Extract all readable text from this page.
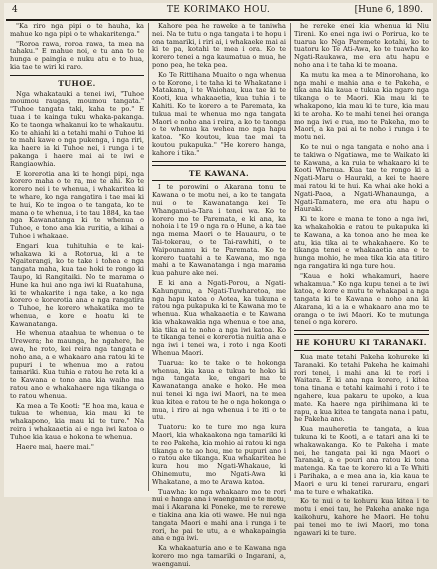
4	TE KORIMAKO HOU.	[Hune 6, 1890.

"Ka riro nga pipi o te hauha, ka mahue ko nga pipi o te whakaritenga."

"Roroa rawa, roroa rawa, ta mea na tahaku." E mahue noi, e tu ana to te hunga e paingia e nuku atu e to hua, kia tae te wiri ki raro.

TUHOE.

Nga whakatauki a tenei iwi, "Tuhoe moumou raugas, moumou tangata." "Tuhoe tangata taki, kaha te po." E tuaa i te kainga tuku whaka-pakanga. Ko te taonga whakanui ko te whakautu. Ko te ahiahi ki a tetahi mahi o Tuhoe ki te mahi kawe o nga pukenga, i nga riri, ka haere ia ki Tuhoe nei, i runga i te pakanga i haere mai ai te iwi e Rangiaowhia.

E korerotia ana ki te hongi pipi, nga korero maha o te ra, me te ahi. Ko te korero nei i te whenua, i whakaritea ki te whare, ko nga rangatira i tae mai ki te hui, Ko te ingoa o te tangata, ko te mana o te whenua, i te tau 1884, ka tae nga Kawanatanga ki te whenua o Tuhoe, e tono ana kia ruritia, a kihai a Tuhoe i whakaae.

Engari kua tuhituhia e te kai-whakawa ki a Rotorua, ki a te Ngaiterangi, ko te take i tohea e nga tangata maha, kua tae hoki te rongo ki Taupo, ki Rangitaiki. No te marama o Hune ka hui ano nga iwi ki Ruatahuna, ki te whakarite i nga take, a ko nga korero e korerotia ana e nga rangatira o Tuhoe, he korero whakatika mo te whenua, e kore e hoatu ki te Kawanatanga.

He whenua ataahua te whenua o te Urewera; he maunga, he ngahere, he awa, he roto, kei reira nga tangata e noho ana, a e whakaaro ana ratou ki te pupuri i te whenua mo a ratou tamariki. Kua tuhia e ratou he reta ki a te Kawana e tono ana kia waiho ma ratou ano e whakahaere nga tikanga o to ratou whenua.

Ka mea a Te Kooti: "E hoa ma, kaua e tukua te whenua, kia mau ki te whakapono, kia mau ki te ture." Na reira i whakaaetia ai e nga iwi katoa o Tuhoe kia kaua e hokona te whenua.

Haere mai, haere mai."

Kahore pea he raweke a te taniwha nei. Na te tutu o nga tangata i te hopu i ona tamariki, i riri ai, i whakaeke mai ai ki te pa, kotahi te mea i ora. Ko te korero tenei a nga kaumatua o mua, he pono pea, he teka pea.

Ko Te Rittihana Muaito o nga whenua o te Korone, i te taha ki te Whakatane i Matakana, i te Waiohau, kua tae ki te Kooti, kua whakaaetia, kua tuhia i te Kahiti. Ko te korero a te Paremata, ka tukua mai te whenua mo nga tangata Maori e noho ana i reira, a ko te taonga o te whenua ka wehea mo nga hapu katoa. "Ko koutou, kua tae mai ta koutou pukapuka." "He korero hanga, kahore i tika."

TE KAWANA.

I te porowini o Akarana tonu te Kawana o te motu nei, a ko te tangata nui o te Kawanatanga kei Te Whanganui-a-Tara i tenei wa. Ko te korero mo te Paremata, e ki ana, ka nohoia i te 19 o nga ra o Hune, a ka tae nga mema Maori o te Hauauru, o te Tai-tokerau, o te Tai-rawhiti, o te Waipounamu ki te Paremata. Ko te korero tuatahi a te Kawana, mo nga mahi a te Kawanatanga i nga marama kua pahure ake nei.

E ki ana a Ngati-Porou, a Ngati-Kahungunu, a Ngati-Tuwharetoa, me nga hapu katoa o Aotea, ka tukuna e ratou nga pukapuka ki te Kawana mo te whenua. Kua whakaaetia e te Kawana kia whakawakia nga whenua e toe ana, kia tika ai te noho a nga iwi katoa. Ko te tikanga tenei e korerotia nuitia ana e nga iwi i tenei wa, i roto i nga Kooti Whenua Maori.

Tuarua: ko te take o te hokonga whenua, kia kaua e tukua te hoko ki nga tangata ke, engari ma te Kawanatanga anake e hoko. He mea nui tenei ki nga iwi Maori, na te mea kua kitea e ratou te he o nga hokonga o mua, i riro ai nga whenua i te iti o te utu.

Tuatoru: ko te ture mo nga kura Maori, kia whakaakona nga tamariki ki te reo Pakeha, kia mohio ai ratou ki nga tikanga o te ao hou, me te pupuri ano i o ratou ake tikanga. Kua whakaritea he kura hou mo Ngati-Whakaue, ki Ohinemutu, mo Ngati-Awa ki Whakatane, a mo te Arawa katoa.

Tuawha: ko nga whakaaro mo te rori nui e hanga ana i waenganui o te motu, mai i Akarana ki Poneke, me te rerewe e tiakina ana kia oti wawe. He nui nga tangata Maori e mahi ana i runga i te rori, he pai te utu, a e whakapaingia ana e nga iwi.

Ka whakaaturia ano e te Kawana nga korero mo nga tamariki o Ingarani, a, waenganui.

he rereke enei kia whenua ki Niu Tireni. Ko enei nga iwi o Porirua, ko te tuarua ko Nga Paremete kotahi, ko te tuatoru ko Te Ati-Awa, ko te tuawha ko Ngati-Raukawa, me era atu hapu e noho ana i te taha ki te moana.

Ka mutu ka mea a te Minorohana, ko nga mahi e mahia ana e te Pakeha, e tika ana kia kaua e tukua kia ngaro nga tikanga o te Maori. Kia mau ki te whakapono, kia mau ki te ture, kia mau ki te aroha. Ko te mahi tenei hei oranga mo nga iwi e rua, mo te Pakeha, mo te Maori, a ka pai ai te noho i runga i te motu nei.

Ko te nui o nga tangata e noho ana i te takiwa o Ngatiawa, me te Waikato ki te Kawana, a ka ruia te whakaaro ki te Kooti Whenua. Kua tae te rongo ki a Ngati-Maru o Hauraki, a kei te haere mai ratou ki te hui. Ka whai ake hoki a Ngati-Paoa, a Ngati-Whanaunga, a Ngati-Tamatera, me era atu hapu o Hauraki.

Ki te kore e mana te tono a nga iwi, ka whakahokia e ratou te pukapuka ki te Kawana, a ka tonoa ano he mea ke atu, kia tika ai te whakahaere. Ko te tikanga tenei e whakaaetia ana e te hunga mohio, he mea tika kia ata titiro nga rangatira ki nga ture hou.

"Kaua e hoki whakamuri, haere whakamua." Ko nga kupu tenei a te iwi katoa, e kore e mutu te whakapai a nga tangata ki te Kawana e noho ana ki Akarana, ki a ia e whakaaro ana mo te oranga o te iwi Maori. Ko te mutunga tenei o nga korero.

HE KOHURU KI TARANAKI.

Kua mate tetahi Pakeha kohureke ki Taranaki. Ko tetahi Pakeha he kaimahi rori tenei, i mahi ana ki te rori i Waitara. E ki ana nga korero, i kitea tona tinana e tetahi kaimahi i roto i te ngahere, kua pakaru te upoko, a kua mate. Ka haere nga pirihimana ki te rapu, a kua kitea te tangata nana i patu, he Pakeha ano.

Kua mauheretia te tangata, a kua tukuna ki te Kooti, a e tatari ana ki te whakawakanga. Ko te Pakeha i mate nei, he tangata pai ki nga Maori o Taranaki, a e pouri ana ratou ki tona matenga. Ka tae te korero ki a Te Whiti i Parihaka, a e mea ana ia, kia kaua te Maori e uru ki tenei raruraru, engari ma te ture e whakatika.

Ko te nui o te kohuru kua kitea i te motu i enei tau, he Pakeha anake nga kaikohuru, kahore he Maori. He tohu pai tenei mo te iwi Maori, mo tona ngawari ki te ture.
